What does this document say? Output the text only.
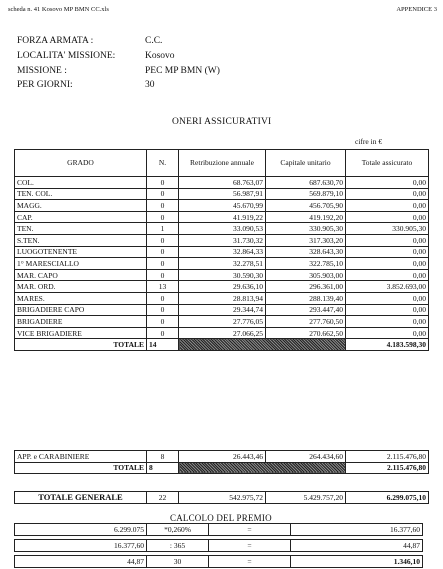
scheda n. 41 Kosovo MP BMN CC.xls	APPENDICE 3
FORZA ARMATA :	C.C.
LOCALITA' MISSIONE:	Kosovo
MISSIONE :	PEC MP BMN (W)
PER GIORNI:	30
ONERI ASSICURATIVI
cifre in €
GRADO	N.	Retribuzione annuale	Capitale unitario	Totale assicurato
COL.	0	68.763,07	687.630,70	0,00
TEN. COL.	0	56.987,91	569.879,10	0,00
MAGG.	0	45.670,99	456.705,90	0,00
CAP.	0	41.919,22	419.192,20	0,00
TEN.	1	33.090,53	330.905,30	330.905,30
S.TEN.	0	31.730,32	317.303,20	0,00
LUOGOTENENTE	0	32.864,33	328.643,30	0,00
1° MARESCIALLO	0	32.278,51	322.785,10	0,00
MAR. CAPO	0	30.590,30	305.903,00	0,00
MAR. ORD.	13	29.636,10	296.361,00	3.852.693,00
MARES.	0	28.813,94	288.139,40	0,00
BRIGADIERE CAPO	0	29.344,74	293.447,40	0,00
BRIGADIERE	0	27.776,05	277.760,50	0,00
VICE BRIGADIERE	0	27.066,25	270.662,50	0,00
TOTALE	14			4.183.598,30
APP. e CARABINIERE	8	26.443,46	264.434,60	2.115.476,80
TOTALE	8			2.115.476,80
TOTALE GENERALE	22	542.975,72	5.429.757,20	6.299.075,10
CALCOLO DEL PREMIO
6.299.075	*0,260%	=	16.377,60
16.377,60	: 365	=	44,87
44,87	30	=	1.346,10
